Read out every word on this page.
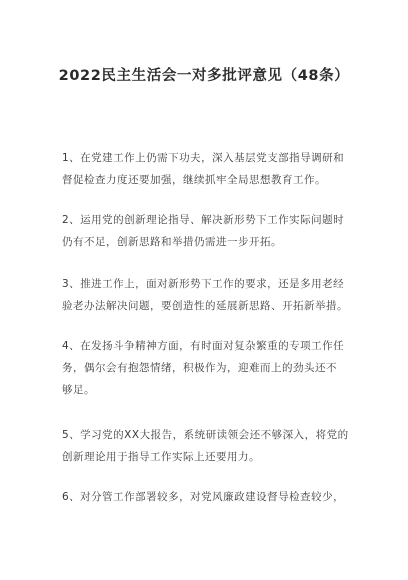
2022民主生活会一对多批评意见（48条）
1、在党建工作上仍需下功夫，深入基层党支部指导调研和
督促检查力度还要加强，继续抓牢全局思想教育工作。
2、运用党的创新理论指导、解决新形势下工作实际问题时
仍有不足，创新思路和举措仍需进一步开拓。
3、推进工作上，面对新形势下工作的要求，还是多用老经
验老办法解决问题，要创造性的延展新思路、开拓新举措。
4、在发扬斗争精神方面，有时面对复杂繁重的专项工作任
务，偶尔会有抱怨情绪，积极作为，迎难而上的劲头还不
够足。
5、学习党的XX大报告，系统研读领会还不够深入，将党的
创新理论用于指导工作实际上还要用力。
6、对分管工作部署较多，对党风廉政建设督导检查较少，
